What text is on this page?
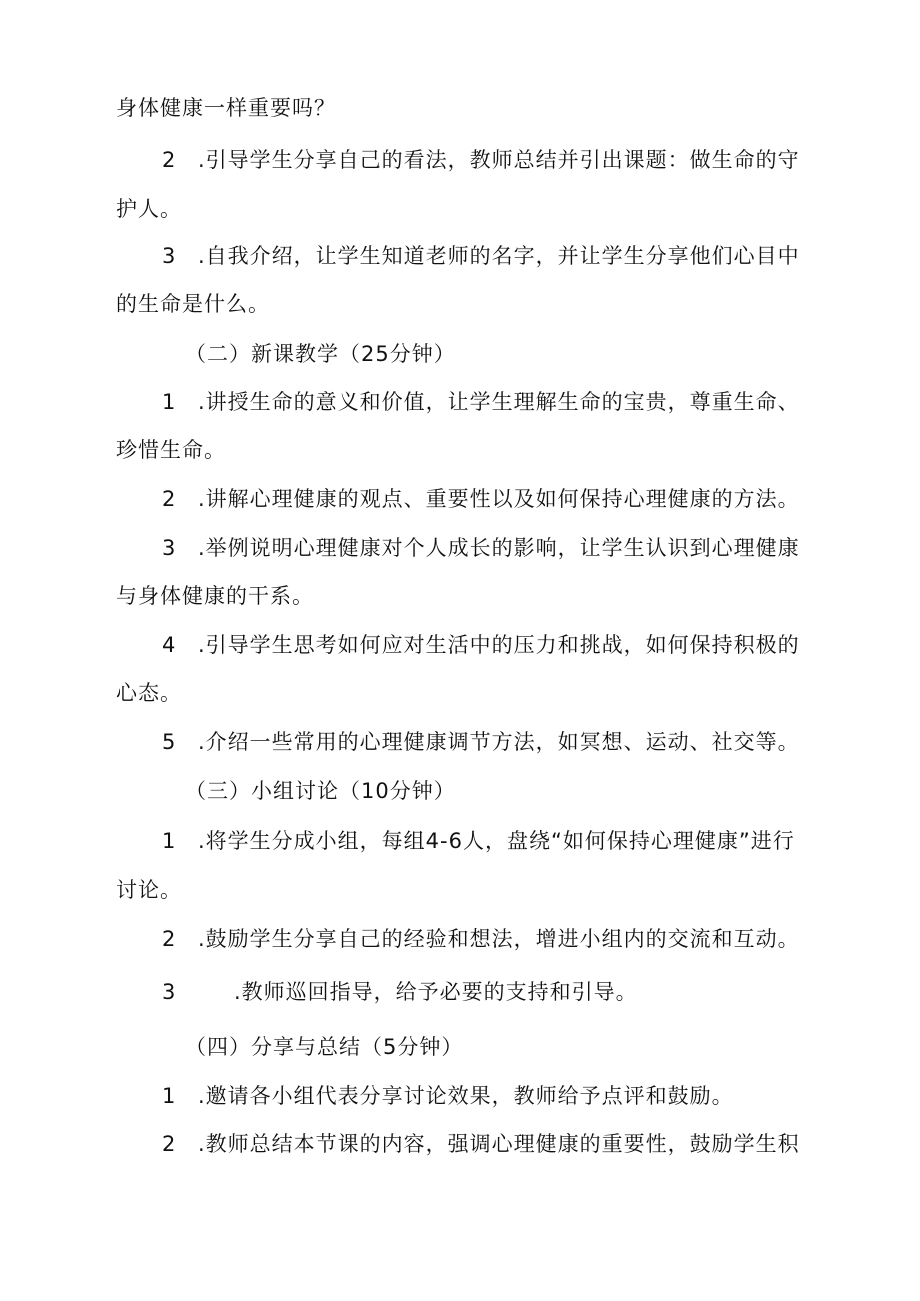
身体健康一样重要吗？
2 .引导学生分享自己的看法，教师总结并引出课题：做生命的守
护人。
3 .自我介绍，让学生知道老师的名字，并让学生分享他们心目中
的生命是什么。
（二）新课教学（25分钟）
1 .讲授生命的意义和价值，让学生理解生命的宝贵，尊重生命、
珍惜生命。
2 .讲解心理健康的观点、重要性以及如何保持心理健康的方法。
3 .举例说明心理健康对个人成长的影响，让学生认识到心理健康
与身体健康的干系。
4 .引导学生思考如何应对生活中的压力和挑战，如何保持积极的
心态。
5 .介绍一些常用的心理健康调节方法，如冥想、运动、社交等。
（三）小组讨论（10分钟）
1 .将学生分成小组，每组4-6人，盘绕“如何保持心理健康”进行
讨论。
2 .鼓励学生分享自己的经验和想法，增进小组内的交流和互动。
3	.教师巡回指导，给予必要的支持和引导。
（四）分享与总结（5分钟）
1 .邀请各小组代表分享讨论效果，教师给予点评和鼓励。
2 .教师总结本节课的内容，强调心理健康的重要性，鼓励学生积
